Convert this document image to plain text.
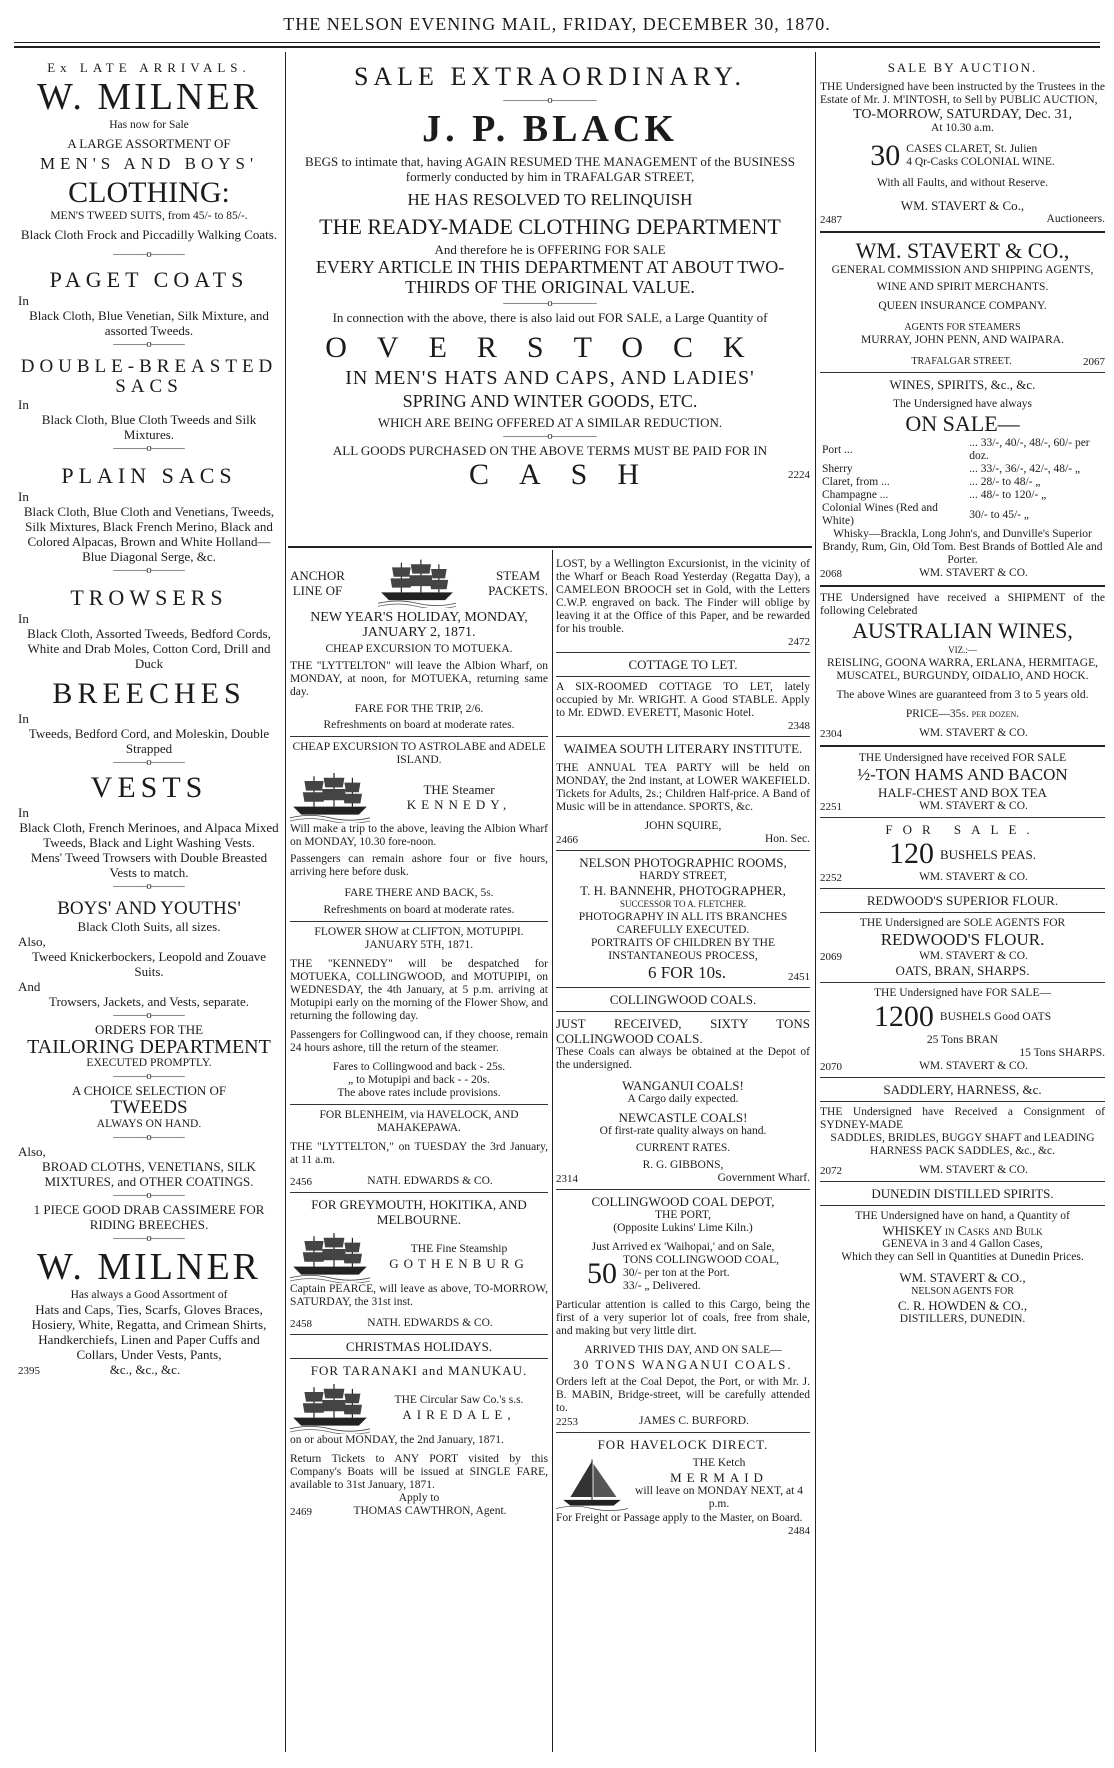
THE NELSON EVENING MAIL, FRIDAY, DECEMBER 30, 1870.

Ex LATE ARRIVALS.

W. MILNER

Has now for Sale

A LARGE ASSORTMENT OF

MEN'S AND BOYS'

CLOTHING:

MEN'S TWEED SUITS, from 45/- to 85/-.

Black Cloth Frock and Piccadilly Walking Coats.

———o———

PAGET COATS

In

Black Cloth, Blue Venetian, Silk Mixture, and assorted Tweeds.

———o———

DOUBLE-BREASTED SACS

In

Black Cloth, Blue Cloth Tweeds and Silk Mixtures.

———o———

PLAIN SACS

In

Black Cloth, Blue Cloth and Venetians, Tweeds, Silk Mixtures, Black French Merino, Black and Colored Alpacas, Brown and White Holland—Blue Diagonal Serge, &c.

———o———

TROWSERS

In

Black Cloth, Assorted Tweeds, Bedford Cords, White and Drab Moles, Cotton Cord, Drill and Duck

BREECHES

In

Tweeds, Bedford Cord, and Moleskin, Double Strapped

———o———

VESTS

In

Black Cloth, French Merinoes, and Alpaca Mixed Tweeds, Black and Light Washing Vests.

Mens' Tweed Trowsers with Double Breasted Vests to match.

———o———

BOYS' AND YOUTHS'

Black Cloth Suits, all sizes.

Also,

Tweed Knickerbockers, Leopold and Zouave Suits.

And

Trowsers, Jackets, and Vests, separate.

———o———

ORDERS FOR THE

TAILORING DEPARTMENT

EXECUTED PROMPTLY.

———o———

A CHOICE SELECTION OF

TWEEDS

ALWAYS ON HAND.

———o———

Also,

BROAD CLOTHS, VENETIANS, SILK MIXTURES, and OTHER COATINGS.

———o———

1 PIECE GOOD DRAB CASSIMERE FOR RIDING BREECHES.

———o———

W. MILNER

Has always a Good Assortment of

Hats and Caps, Ties, Scarfs, Gloves Braces, Hosiery, White, Regatta, and Crimean Shirts, Handkerchiefs, Linen and Paper Cuffs and Collars, Under Vests, Pants,

2395	&c., &c., &c.

SALE EXTRAORDINARY.

————o————

J. P. BLACK

BEGS to intimate that, having AGAIN RESUMED THE MANAGEMENT of the BUSINESS formerly conducted by him in TRAFALGAR STREET,

HE HAS RESOLVED TO RELINQUISH

THE READY-MADE CLOTHING DEPARTMENT

And therefore he is OFFERING FOR SALE

EVERY ARTICLE IN THIS DEPARTMENT AT ABOUT TWO-THIRDS OF THE ORIGINAL VALUE.

————o————

In connection with the above, there is also laid out FOR SALE, a Large Quantity of

OVERSTOCK

IN MEN'S HATS AND CAPS, AND LADIES'

SPRING AND WINTER GOODS, ETC.

WHICH ARE BEING OFFERED AT A SIMILAR REDUCTION.

————o————

ALL GOODS PURCHASED ON THE ABOVE TERMS MUST BE PAID FOR IN

CASH	2224

ANCHOR

LINE OF

STEAM

PACKETS.

NEW YEAR'S HOLIDAY, MONDAY, JANUARY 2, 1871.

CHEAP EXCURSION TO MOTUEKA.

THE "LYTTELTON" will leave the Albion Wharf, on MONDAY, at noon, for MOTUEKA, returning same day.

FARE FOR THE TRIP, 2/6.

Refreshments on board at moderate rates.

CHEAP EXCURSION TO ASTROLABE and ADELE ISLAND.

THE Steamer

KENNEDY,

Will make a trip to the above, leaving the Albion Wharf on MONDAY, 10.30 fore-noon.

Passengers can remain ashore four or five hours, arriving here before dusk.

FARE THERE AND BACK, 5s.

Refreshments on board at moderate rates.

FLOWER SHOW at CLIFTON, MOTUPIPI. JANUARY 5TH, 1871.

THE "KENNEDY" will be despatched for MOTUEKA, COLLINGWOOD, and MOTUPIPI, on WEDNESDAY, the 4th January, at 5 p.m. arriving at Motupipi early on the morning of the Flower Show, and returning the following day.

Passengers for Collingwood can, if they choose, remain 24 hours ashore, till the return of the steamer.

Fares to Collingwood and back - 25s.

„ to Motupipi and back - - 20s.

The above rates include provisions.

FOR BLENHEIM, via HAVELOCK, AND MAHAKEPAWA.

THE "LYTTELTON," on TUESDAY the 3rd January, at 11 a.m.

2456	NATH. EDWARDS & CO.

FOR GREYMOUTH, HOKITIKA, AND MELBOURNE.

THE Fine Steamship

GOTHENBURG

Captain PEARCE, will leave as above, TO-MORROW, SATURDAY, the 31st inst.

2458	NATH. EDWARDS & CO.

CHRISTMAS HOLIDAYS.

FOR TARANAKI and MANUKAU.

THE Circular Saw Co.'s s.s.

AIREDALE,

on or about MONDAY, the 2nd January, 1871.

Return Tickets to ANY PORT visited by this Company's Boats will be issued at SINGLE FARE, available to 31st January, 1871.

Apply to

2469	THOMAS CAWTHRON, Agent.

LOST, by a Wellington Excursionist, in the vicinity of the Wharf or Beach Road Yesterday (Regatta Day), a CAMELEON BROOCH set in Gold, with the Letters C.W.P. engraved on back. The Finder will oblige by leaving it at the Office of this Paper, and be rewarded for his trouble.

2472

COTTAGE TO LET.

A SIX-ROOMED COTTAGE TO LET, lately occupied by Mr. WRIGHT. A Good STABLE. Apply to Mr. EDWD. EVERETT, Masonic Hotel.

2348

WAIMEA SOUTH LITERARY INSTITUTE.

THE ANNUAL TEA PARTY will be held on MONDAY, the 2nd instant, at LOWER WAKEFIELD. Tickets for Adults, 2s.; Children Half-price. A Band of Music will be in attendance. SPORTS, &c.

JOHN SQUIRE,

2466	Hon. Sec.

NELSON PHOTOGRAPHIC ROOMS,

HARDY STREET,

T. H. BANNEHR, PHOTOGRAPHER,

SUCCESSOR TO A. FLETCHER.

PHOTOGRAPHY IN ALL ITS BRANCHES CAREFULLY EXECUTED.

PORTRAITS OF CHILDREN BY THE INSTANTANEOUS PROCESS,

6 FOR 10s.	2451

COLLINGWOOD COALS.

JUST RECEIVED, SIXTY TONS COLLINGWOOD COALS.

These Coals can always be obtained at the Depot of the undersigned.

WANGANUI COALS!

A Cargo daily expected.

NEWCASTLE COALS!

Of first-rate quality always on hand.

CURRENT RATES.

R. G. GIBBONS,

2314	Government Wharf.

COLLINGWOOD COAL DEPOT,

THE PORT,

(Opposite Lukins' Lime Kiln.)

Just Arrived ex 'Waihopai,' and on Sale,

50 TONS COLLINGWOOD COAL,

30/- per ton at the Port.

33/- „ Delivered.

Particular attention is called to this Cargo, being the first of a very superior lot of coals, free from shale, and making but very little dirt.

ARRIVED THIS DAY, AND ON SALE—

30 TONS WANGANUI COALS.

Orders left at the Coal Depot, the Port, or with Mr. J. B. MABIN, Bridge-street, will be carefully attended to.

2253	JAMES C. BURFORD.

FOR HAVELOCK DIRECT.

THE Ketch

MERMAID

will leave on MONDAY NEXT, at 4 p.m.

For Freight or Passage apply to the Master, on Board.

2484

SALE BY AUCTION.

THE Undersigned have been instructed by the Trustees in the Estate of Mr. J. M'INTOSH, to Sell by PUBLIC AUCTION,

TO-MORROW, SATURDAY, Dec. 31,

At 10.30 a.m.

30 CASES CLARET, St. Julien

4 Qr-Casks COLONIAL WINE.

With all Faults, and without Reserve.

WM. STAVERT & Co.,

2487	Auctioneers.

WM. STAVERT & CO.,

GENERAL COMMISSION AND SHIPPING AGENTS,

WINE AND SPIRIT MERCHANTS.

QUEEN INSURANCE COMPANY.

AGENTS FOR STEAMERS

MURRAY, JOHN PENN, AND WAIPARA.

TRAFALGAR STREET.	2067

WINES, SPIRITS, &c., &c.

The Undersigned have always

ON SALE—

Port ...	... 33/-, 40/-, 48/-, 60/- per doz.
Sherry	... 33/-, 36/-, 42/-, 48/- „
Claret, from ...	... 28/- to 48/- „
Champagne ...	... 48/- to 120/- „
Colonial Wines (Red and White)	30/- to 45/- „

Whisky—Brackla, Long John's, and Dunville's Superior Brandy, Rum, Gin, Old Tom. Best Brands of Bottled Ale and Porter.

2068	WM. STAVERT & CO.

THE Undersigned have received a SHIPMENT of the following Celebrated

AUSTRALIAN WINES,

VIZ.:—

REISLING, GOONA WARRA, ERLANA, HERMITAGE, MUSCATEL, BURGUNDY, OIDALIO, AND HOCK.

The above Wines are guaranteed from 3 to 5 years old.

PRICE—35s. per dozen.

2304	WM. STAVERT & CO.

THE Undersigned have received FOR SALE

½-TON HAMS AND BACON

HALF-CHEST AND BOX TEA

2251	WM. STAVERT & CO.

FOR SALE.

120 BUSHELS PEAS.
2252	WM. STAVERT & CO.

REDWOOD'S SUPERIOR FLOUR.

THE Undersigned are SOLE AGENTS FOR

REDWOOD'S FLOUR.

2069	WM. STAVERT & CO.

OATS, BRAN, SHARPS.

THE Undersigned have FOR SALE—

1200 BUSHELS Good OATS

25 Tons BRAN

15 Tons SHARPS.

2070	WM. STAVERT & CO.

SADDLERY, HARNESS, &c.

THE Undersigned have Received a Consignment of SYDNEY-MADE

SADDLES, BRIDLES, BUGGY SHAFT and LEADING HARNESS PACK SADDLES, &c., &c.

2072	WM. STAVERT & CO.

DUNEDIN DISTILLED SPIRITS.

THE Undersigned have on hand, a Quantity of

WHISKEY in Casks and Bulk

GENEVA in 3 and 4 Gallon Cases,

Which they can Sell in Quantities at Dunedin Prices.

WM. STAVERT & CO.,

NELSON AGENTS FOR

C. R. HOWDEN & CO.,

DISTILLERS, DUNEDIN.
